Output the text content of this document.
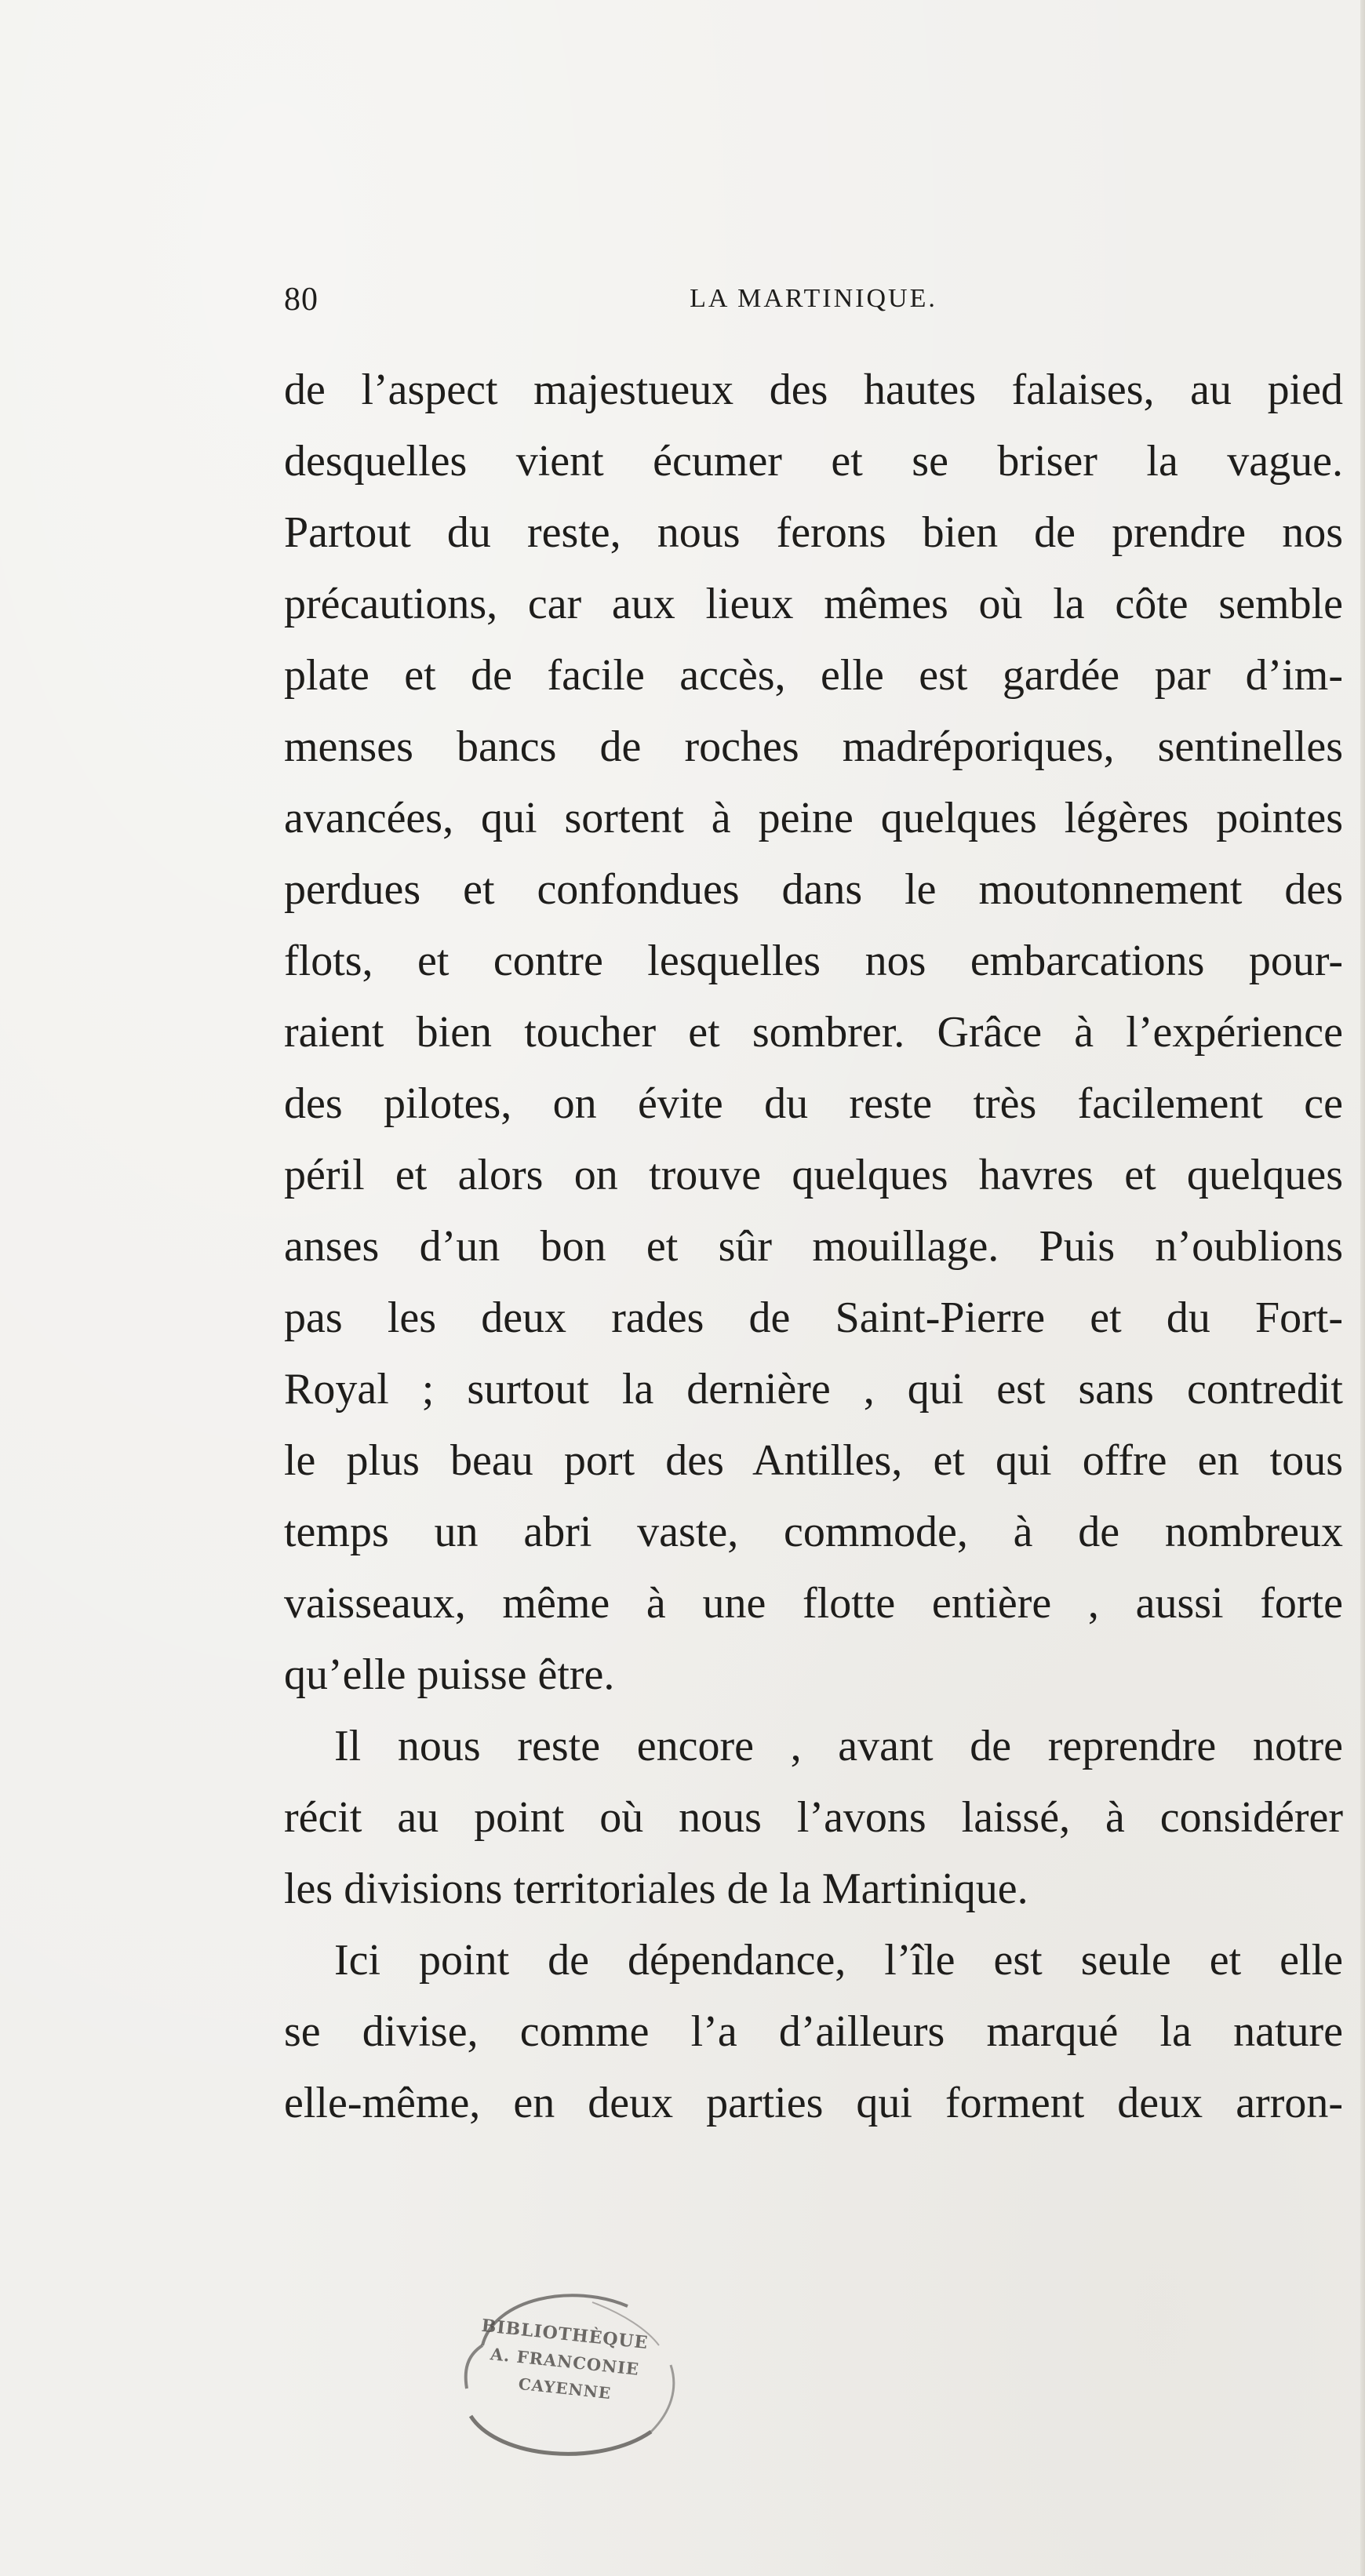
80	LA MARTINIQUE.
de l’aspect majestueux des hautes falaises, au pied
desquelles vient écumer et se briser la vague.
Partout du reste, nous ferons bien de prendre nos
précautions, car aux lieux mêmes où la côte semble
plate et de facile accès, elle est gardée par d’im-
menses bancs de roches madréporiques, sentinelles
avancées, qui sortent à peine quelques légères pointes
perdues et confondues dans le moutonnement des
flots, et contre lesquelles nos embarcations pour-
raient bien toucher et sombrer. Grâce à l’expérience
des pilotes, on évite du reste très facilement ce
péril et alors on trouve quelques havres et quelques
anses d’un bon et sûr mouillage. Puis n’oublions
pas les deux rades de Saint-Pierre et du Fort-
Royal ; surtout la dernière , qui est sans contredit
le plus beau port des Antilles, et qui offre en tous
temps un abri vaste, commode, à de nombreux
vaisseaux, même à une flotte entière , aussi forte
qu’elle puisse être.
Il nous reste encore , avant de reprendre notre
récit au point où nous l’avons laissé, à considérer
les divisions territoriales de la Martinique.
Ici point de dépendance, l’île est seule et elle
se divise, comme l’a d’ailleurs marqué la nature
elle-même, en deux parties qui forment deux arron-
BIBLIOTHÈQUE
A. FRANCONIE
CAYENNE
